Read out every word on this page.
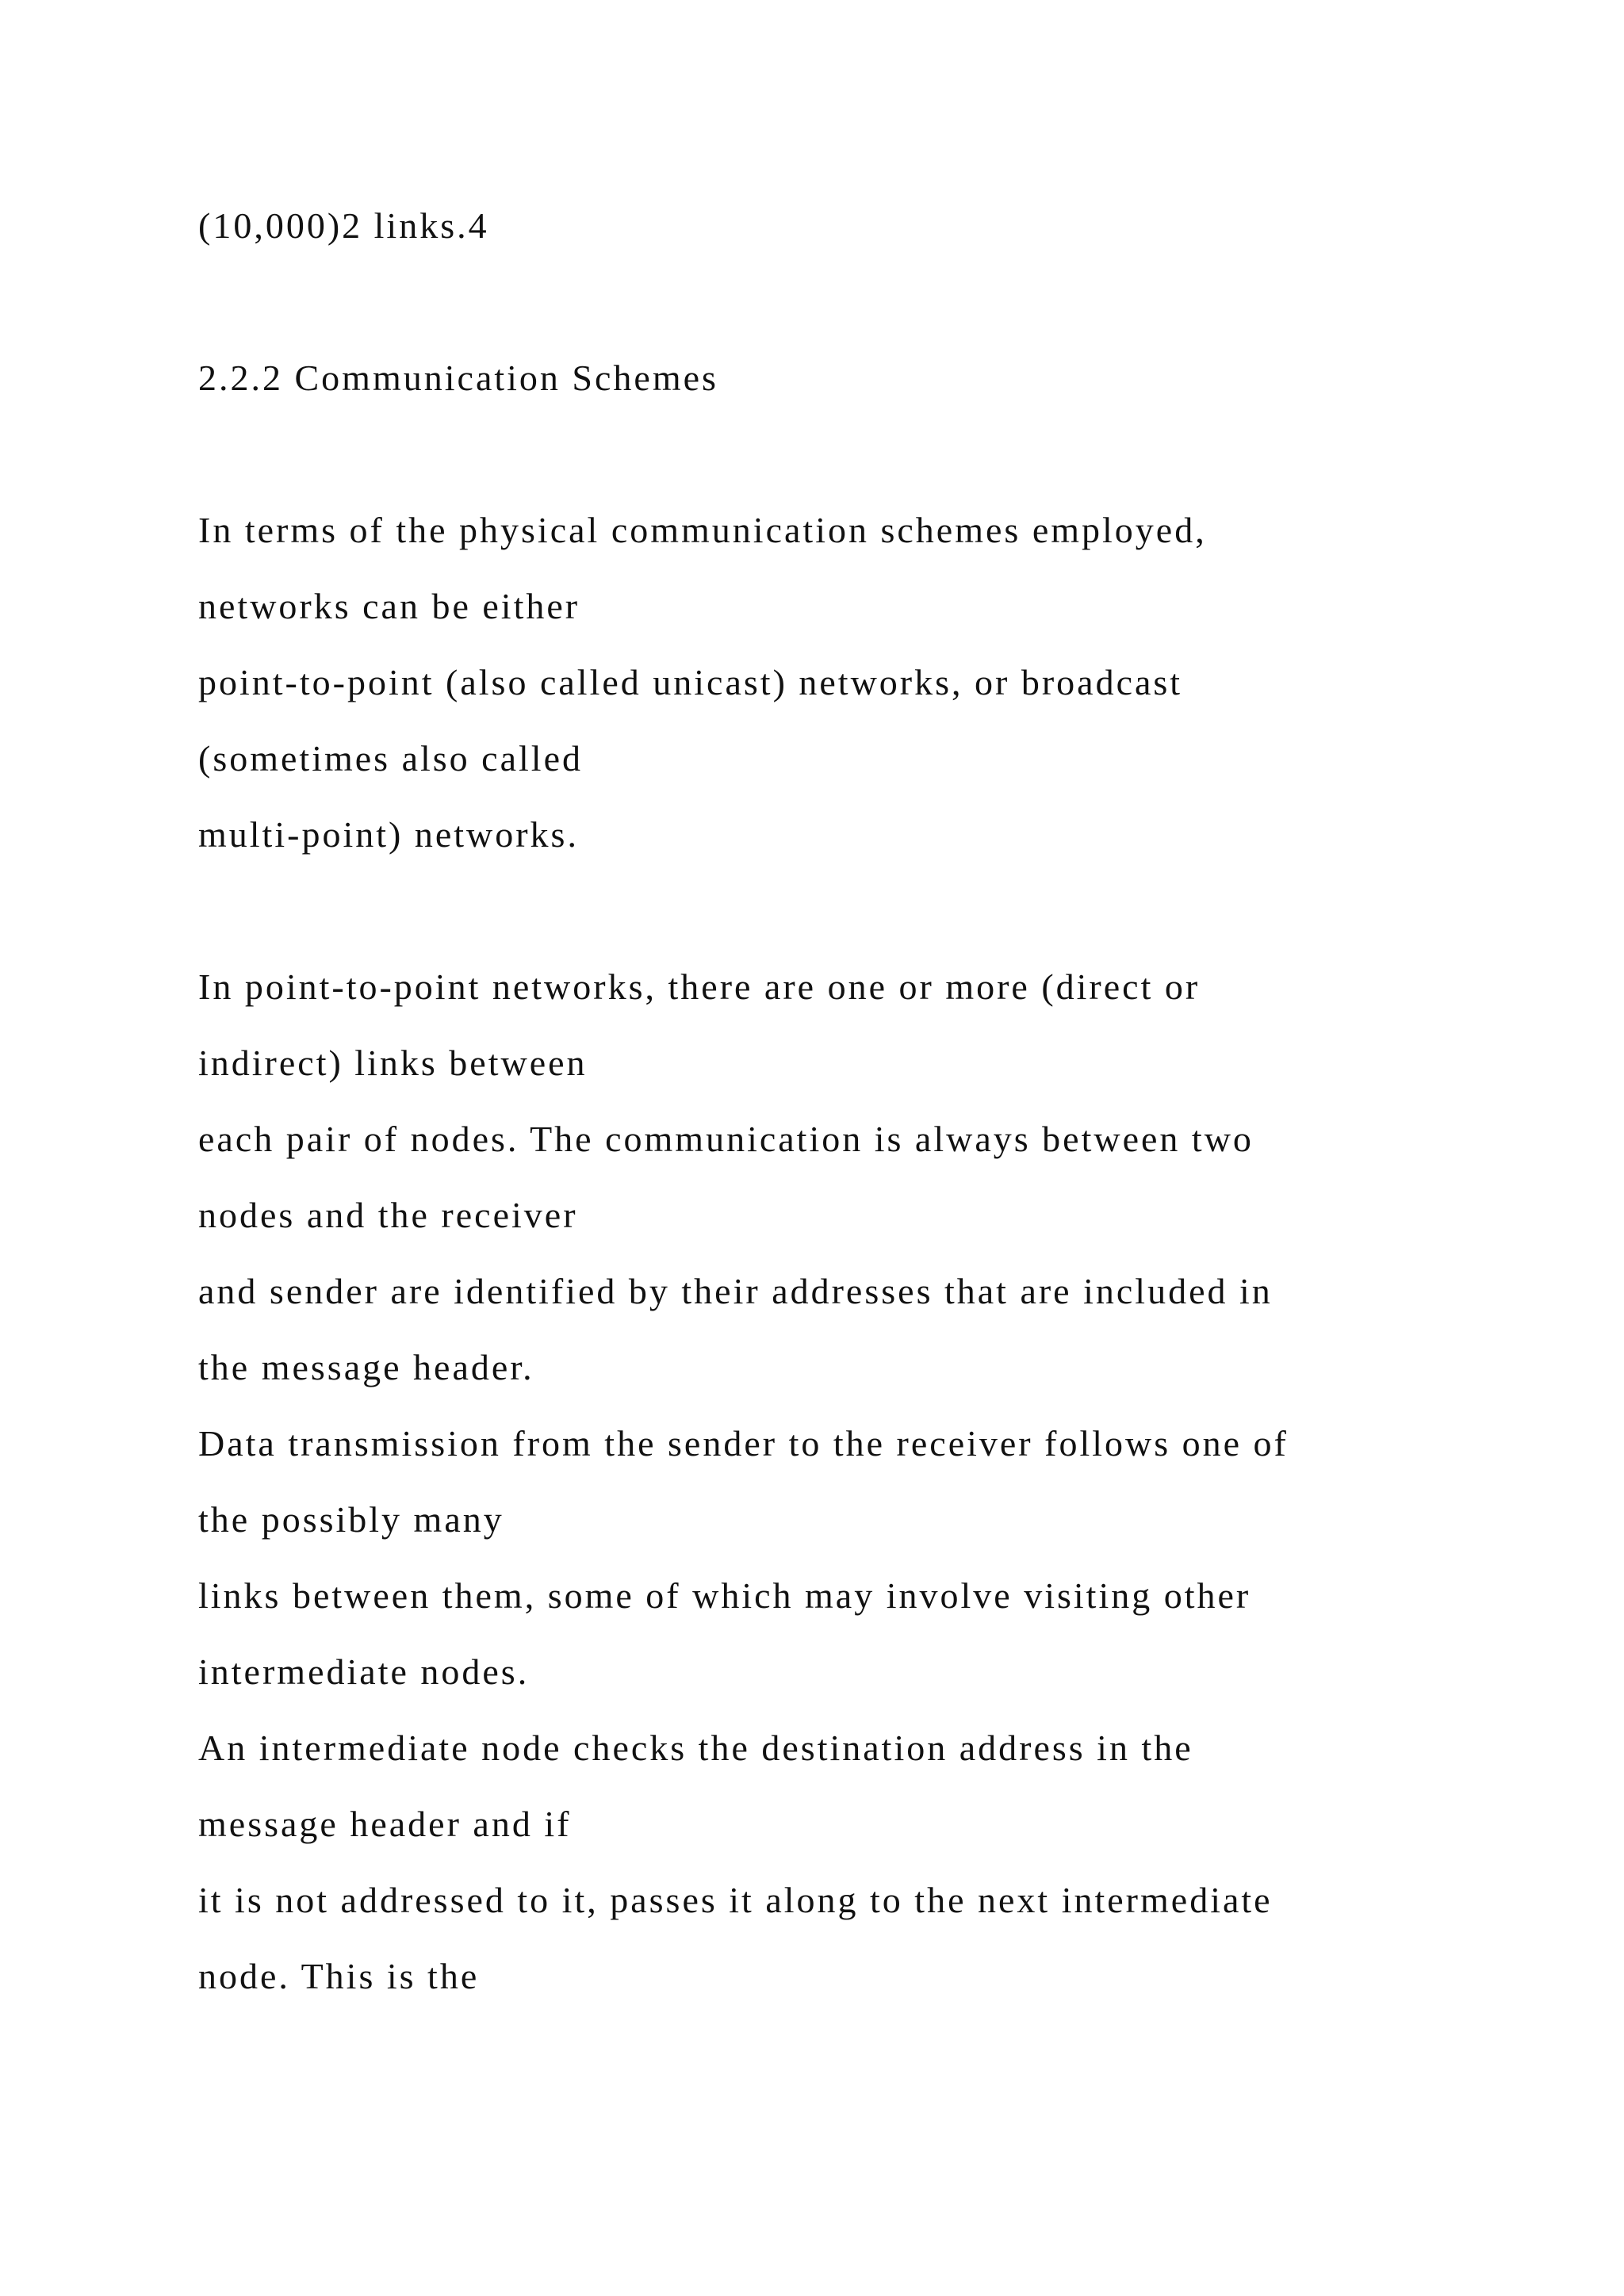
(10,000)2 links.4

2.2.2 Communication Schemes

In terms of the physical communication schemes employed,

networks can be either

point-to-point (also called unicast) networks, or broadcast

(sometimes also called

multi-point) networks.

In point-to-point networks, there are one or more (direct or

indirect) links between

each pair of nodes. The communication is always between two

nodes and the receiver

and sender are identified by their addresses that are included in

the message header.

Data transmission from the sender to the receiver follows one of

the possibly many

links between them, some of which may involve visiting other

intermediate nodes.

An intermediate node checks the destination address in the

message header and if

it is not addressed to it, passes it along to the next intermediate

node. This is the
